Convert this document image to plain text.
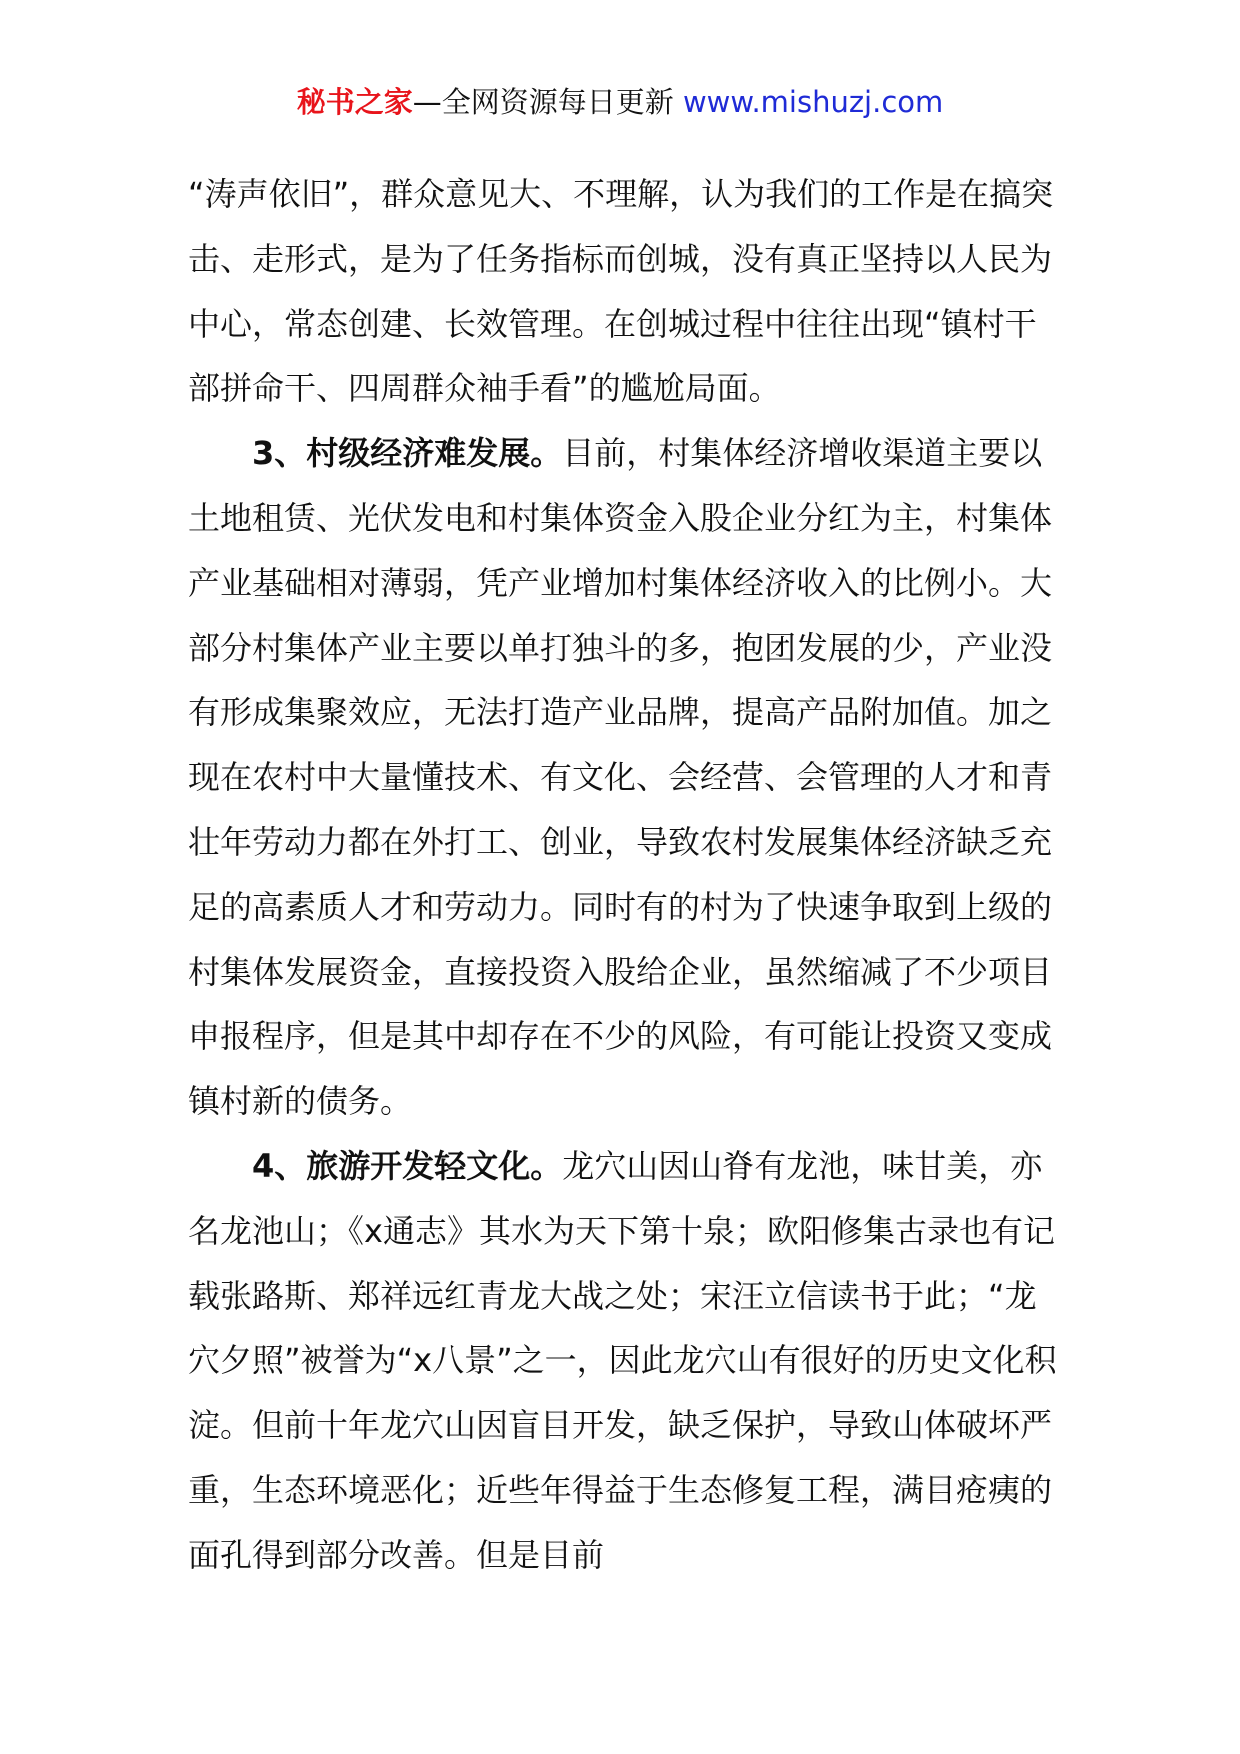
秘书之家—全网资源每日更新 www.mishuzj.com

“涛声依旧”，群众意见大、不理解，认为我们的工作是在搞突击、走形式，是为了任务指标而创城，没有真正坚持以人民为中心，常态创建、长效管理。在创城过程中往往出现“镇村干部拼命干、四周群众袖手看”的尴尬局面。

3、村级经济难发展。目前，村集体经济增收渠道主要以土地租赁、光伏发电和村集体资金入股企业分红为主，村集体产业基础相对薄弱，凭产业增加村集体经济收入的比例小。大部分村集体产业主要以单打独斗的多，抱团发展的少，产业没有形成集聚效应，无法打造产业品牌，提高产品附加值。加之现在农村中大量懂技术、有文化、会经营、会管理的人才和青壮年劳动力都在外打工、创业，导致农村发展集体经济缺乏充足的高素质人才和劳动力。同时有的村为了快速争取到上级的村集体发展资金，直接投资入股给企业，虽然缩减了不少项目申报程序，但是其中却存在不少的风险，有可能让投资又变成镇村新的债务。

4、旅游开发轻文化。龙穴山因山脊有龙池，味甘美，亦名龙池山；《x通志》其水为天下第十泉；欧阳修集古录也有记载张路斯、郑祥远红青龙大战之处；宋汪立信读书于此；“龙穴夕照”被誉为“x八景”之一，因此龙穴山有很好的历史文化积淀。但前十年龙穴山因盲目开发，缺乏保护，导致山体破坏严重，生态环境恶化；近些年得益于生态修复工程，满目疮痍的面孔得到部分改善。但是目前
